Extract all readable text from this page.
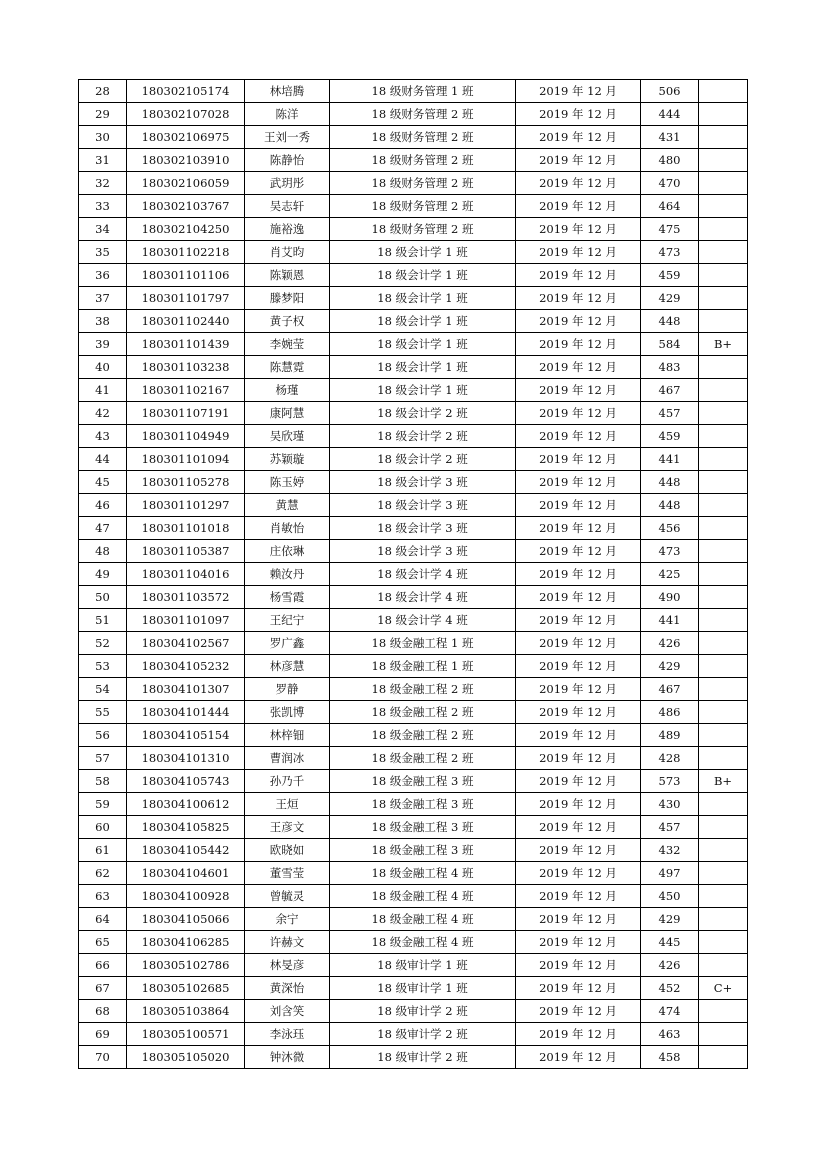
28	180302105174	林培腾	18 级财务管理 1 班	2019 年 12 月	506	
29	180302107028	陈洋	18 级财务管理 2 班	2019 年 12 月	444	
30	180302106975	王刘一秀	18 级财务管理 2 班	2019 年 12 月	431	
31	180302103910	陈静怡	18 级财务管理 2 班	2019 年 12 月	480	
32	180302106059	武玥彤	18 级财务管理 2 班	2019 年 12 月	470	
33	180302103767	吴志轩	18 级财务管理 2 班	2019 年 12 月	464	
34	180302104250	施裕逸	18 级财务管理 2 班	2019 年 12 月	475	
35	180301102218	肖艾昀	18 级会计学 1 班	2019 年 12 月	473	
36	180301101106	陈颖恩	18 级会计学 1 班	2019 年 12 月	459	
37	180301101797	滕梦阳	18 级会计学 1 班	2019 年 12 月	429	
38	180301102440	黄子权	18 级会计学 1 班	2019 年 12 月	448	
39	180301101439	李婉莹	18 级会计学 1 班	2019 年 12 月	584	B+
40	180301103238	陈慧霓	18 级会计学 1 班	2019 年 12 月	483	
41	180301102167	杨瑾	18 级会计学 1 班	2019 年 12 月	467	
42	180301107191	康阿慧	18 级会计学 2 班	2019 年 12 月	457	
43	180301104949	吴欣瑾	18 级会计学 2 班	2019 年 12 月	459	
44	180301101094	苏颖璇	18 级会计学 2 班	2019 年 12 月	441	
45	180301105278	陈玉婷	18 级会计学 3 班	2019 年 12 月	448	
46	180301101297	黄慧	18 级会计学 3 班	2019 年 12 月	448	
47	180301101018	肖敏怡	18 级会计学 3 班	2019 年 12 月	456	
48	180301105387	庄依琳	18 级会计学 3 班	2019 年 12 月	473	
49	180301104016	赖汝丹	18 级会计学 4 班	2019 年 12 月	425	
50	180301103572	杨雪霞	18 级会计学 4 班	2019 年 12 月	490	
51	180301101097	王纪宁	18 级会计学 4 班	2019 年 12 月	441	
52	180304102567	罗广鑫	18 级金融工程 1 班	2019 年 12 月	426	
53	180304105232	林彦慧	18 级金融工程 1 班	2019 年 12 月	429	
54	180304101307	罗静	18 级金融工程 2 班	2019 年 12 月	467	
55	180304101444	张凯博	18 级金融工程 2 班	2019 年 12 月	486	
56	180304105154	林梓钿	18 级金融工程 2 班	2019 年 12 月	489	
57	180304101310	曹润冰	18 级金融工程 2 班	2019 年 12 月	428	
58	180304105743	孙乃千	18 级金融工程 3 班	2019 年 12 月	573	B+
59	180304100612	王烜	18 级金融工程 3 班	2019 年 12 月	430	
60	180304105825	王彦文	18 级金融工程 3 班	2019 年 12 月	457	
61	180304105442	欧晓如	18 级金融工程 3 班	2019 年 12 月	432	
62	180304104601	董雪莹	18 级金融工程 4 班	2019 年 12 月	497	
63	180304100928	曾毓灵	18 级金融工程 4 班	2019 年 12 月	450	
64	180304105066	余宁	18 级金融工程 4 班	2019 年 12 月	429	
65	180304106285	许赫文	18 级金融工程 4 班	2019 年 12 月	445	
66	180305102786	林旻彦	18 级审计学 1 班	2019 年 12 月	426	
67	180305102685	黄深怡	18 级审计学 1 班	2019 年 12 月	452	C+
68	180305103864	刘含笑	18 级审计学 2 班	2019 年 12 月	474	
69	180305100571	李泳珏	18 级审计学 2 班	2019 年 12 月	463	
70	180305105020	钟沐微	18 级审计学 2 班	2019 年 12 月	458	
